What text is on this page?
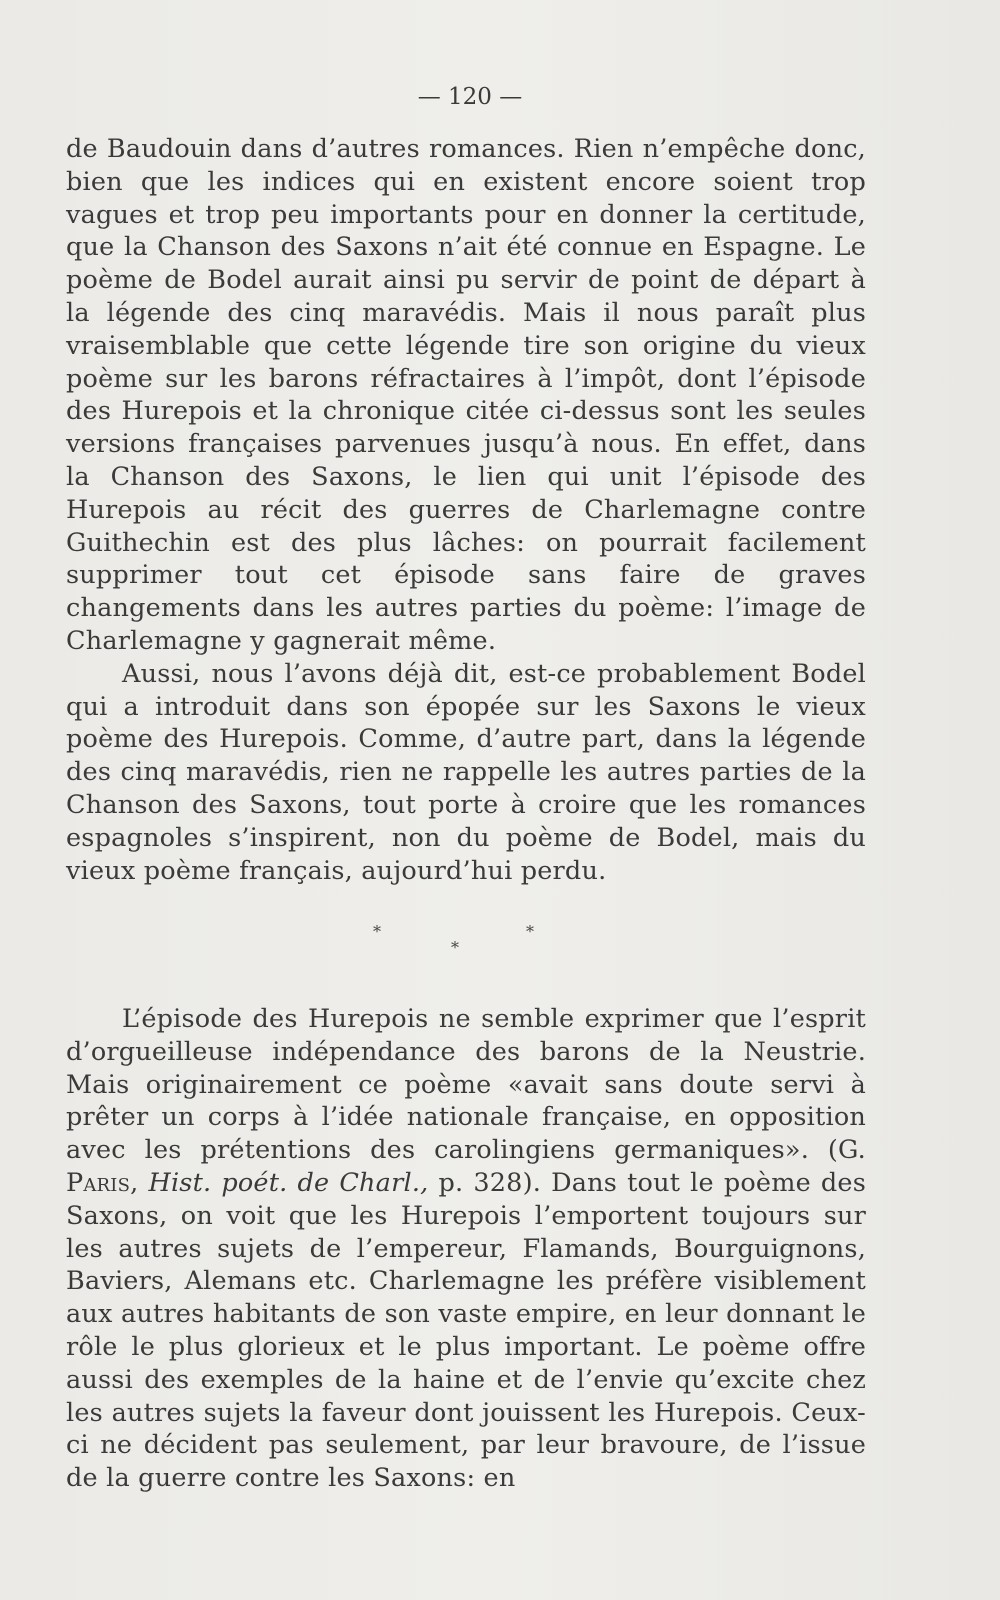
— 120 —

de Baudouin dans d’autres romances. Rien n’empêche donc, bien que les indices qui en existent encore soient trop vagues et trop peu importants pour en donner la certitude, que la Chanson des Saxons n’ait été connue en Espagne. Le poème de Bodel aurait ainsi pu servir de point de départ à la légende des cinq maravédis. Mais il nous paraît plus vraisemblable que cette légende tire son origine du vieux poème sur les barons réfractaires à l’impôt, dont l’épisode des Hurepois et la chronique citée ci-dessus sont les seules versions françaises parvenues jusqu’à nous. En effet, dans la Chanson des Saxons, le lien qui unit l’épisode des Hurepois au récit des guerres de Charlemagne contre Guithechin est des plus lâches: on pourrait facilement supprimer tout cet épisode sans faire de graves changements dans les autres parties du poème: l’image de Charlemagne y gagnerait même.

Aussi, nous l’avons déjà dit, est-ce probablement Bodel qui a introduit dans son épopée sur les Saxons le vieux poème des Hurepois. Comme, d’autre part, dans la légende des cinq maravédis, rien ne rappelle les autres parties de la Chanson des Saxons, tout porte à croire que les romances espagnoles s’inspirent, non du poème de Bodel, mais du vieux poème français, aujourd’hui perdu.

*	*
*

L’épisode des Hurepois ne semble exprimer que l’esprit d’orgueilleuse indépendance des barons de la Neustrie. Mais originairement ce poème «avait sans doute servi à prêter un corps à l’idée nationale française, en opposition avec les prétentions des carolingiens germaniques». (G. Paris, Hist. poét. de Charl., p. 328). Dans tout le poème des Saxons, on voit que les Hurepois l’emportent toujours sur les autres sujets de l’empereur, Flamands, Bourguignons, Baviers, Alemans etc. Charlemagne les préfère visiblement aux autres habitants de son vaste empire, en leur donnant le rôle le plus glorieux et le plus important. Le poème offre aussi des exemples de la haine et de l’envie qu’excite chez les autres sujets la faveur dont jouissent les Hurepois. Ceux-ci ne décident pas seulement, par leur bravoure, de l’issue de la guerre contre les Saxons: en
